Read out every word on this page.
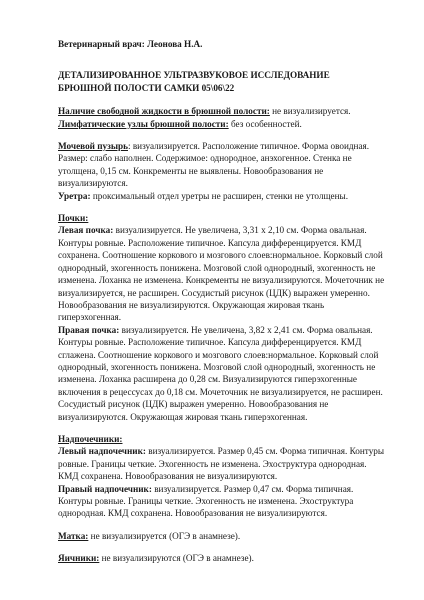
Ветеринарный врач: Леонова Н.А.

ДЕТАЛИЗИРОВАННОЕ УЛЬТРАЗВУКОВОЕ ИССЛЕДОВАНИЕ
БРЮШНОЙ ПОЛОСТИ САМКИ 05\06\22

Наличие свободной жидкости в брюшной полости: не визуализируется.

Лимфатические узлы брюшной полости: без особенностей.

Мочевой пузырь: визуализируется. Расположение типичное. Форма овоидная. Размер: слабо наполнен. Содержимое: однородное, анэхогенное. Стенка не утолщена, 0,15 см. Конкременты не выявлены. Новообразования не визуализируются.

Уретра: проксимальный отдел уретры не расширен, стенки не утолщены.

Почки:

Левая почка: визуализируется. Не увеличена, 3,31 x 2,10 см. Форма овальная. Контуры ровные. Расположение типичное. Капсула дифференцируется. КМД сохранена. Соотношение коркового и мозгового слоев:нормальное. Корковый слой однородный, эхогенность понижена. Мозговой слой однородный, эхогенность не изменена. Лоханка не изменена. Конкременты не визуализируются. Мочеточник не визуализируется, не расширен. Сосудистый рисунок (ЦДК) выражен умеренно. Новообразования не визуализируются. Окружающая жировая ткань гиперэхогенная.

Правая почка: визуализируется. Не увеличена, 3,82 x 2,41 см. Форма овальная. Контуры ровные. Расположение типичное. Капсула дифференцируется. КМД сглажена. Соотношение коркового и мозгового слоев:нормальное. Корковый слой однородный, эхогенность понижена. Мозговой слой однородный, эхогенность не изменена. Лоханка расширена до 0,28 см. Визуализируются гиперэхогенные включения в рецессусах до 0,18 см. Мочеточник не визуализируется, не расширен. Сосудистый рисунок (ЦДК) выражен умеренно. Новообразования не визуализируются. Окружающая жировая ткань гиперэхогенная.

Надпочечники:

Левый надпочечник: визуализируется. Размер 0,45 см. Форма типичная. Контуры ровные. Границы четкие. Эхогенность не изменена. Эхоструктура однородная. КМД сохранена. Новообразования не визуализируются.

Правый надпочечник: визуализируется. Размер 0,47 см. Форма типичная. Контуры ровные. Границы четкие. Эхогенность не изменена. Эхоструктура однородная. КМД сохранена. Новообразования не визуализируются.

Матка: не визуализируется (ОГЭ в анамнезе).

Яичники: не визуализируются (ОГЭ в анамнезе).
